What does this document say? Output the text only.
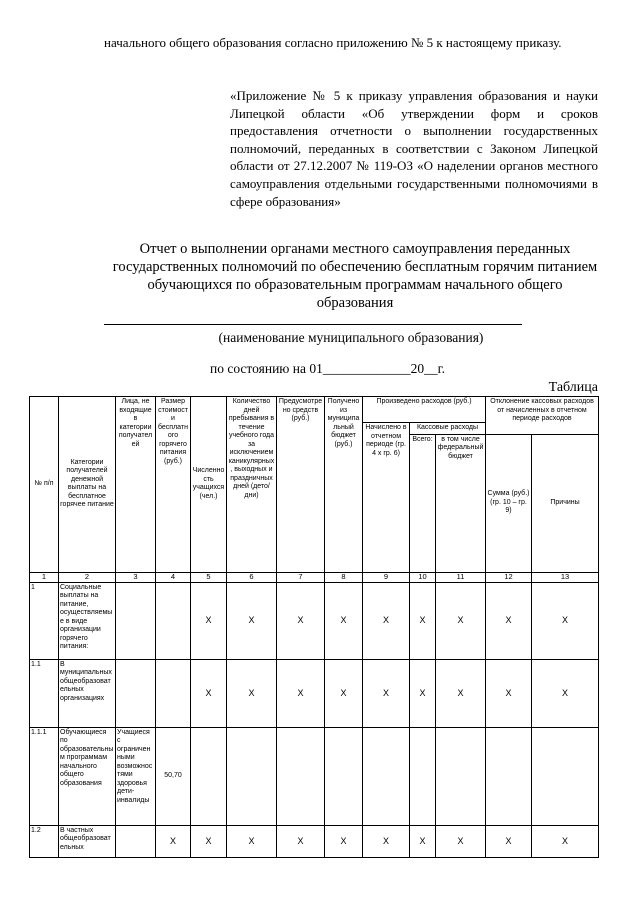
начального общего образования согласно приложению № 5 к настоящему приказу.
«Приложение № 5 к приказу управления образования и науки Липецкой области «Об утверждении форм и сроков предоставления отчетности о выполнении государственных полномочий, переданных в соответствии с Законом Липецкой области от 27.12.2007 № 119-ОЗ «О наделении органов местного самоуправления отдельными государственными полномочиями в сфере образования»
Отчет о выполнении органами местного самоуправления переданных государственных полномочий по обеспечению бесплатным горячим питанием обучающихся по образовательным программам начального общего образования
(наименование муниципального образования)
по состоянию на 01_____________20__г.
Таблица
№ п/п	Категории получателей денежной выплаты на бесплатное горячее питание	Лица, не входящие в категории получателей	Размер стоимости бесплатного горячего питания (руб.)	Численность учащихся (чел.)	Количество дней пребывания в течение учебного года за исключением каникулярных, выходных и праздничных дней (дето/дни)	Предусмотрено средств (руб.)	Получено из муниципальный бюджет (руб.)	Произведено расходов (руб.)			Отклонение кассовых расходов от начисленных в отчетном периоде расходов		
								Начислено в отчетном периоде (гр. 4 х гр. 6)	Кассовые расходы				
									Всего:	в том числе федеральный бюджет	Сумма (руб.) (гр. 10 – гр. 9)	Причины	
1	2	3	4	5	6	7	8	9	10	11	12	13	
1	Социальные выплаты на питание, осуществляемые в виде организации горячего питания:			X	X	X	X	X	X	X	X	X	
1.1	В муниципальных общеобразовательных организациях			X	X	X	X	X	X	X	X	X	
1.1.1	Обучающиеся по образовательным программам начального общего образования	Учащиеся с ограниченными возможностями здоровья дети-инвалиды	50,70										
1.2	В частных общеобразовательных		X	X	X	X	X	X	X	X	X	X	
